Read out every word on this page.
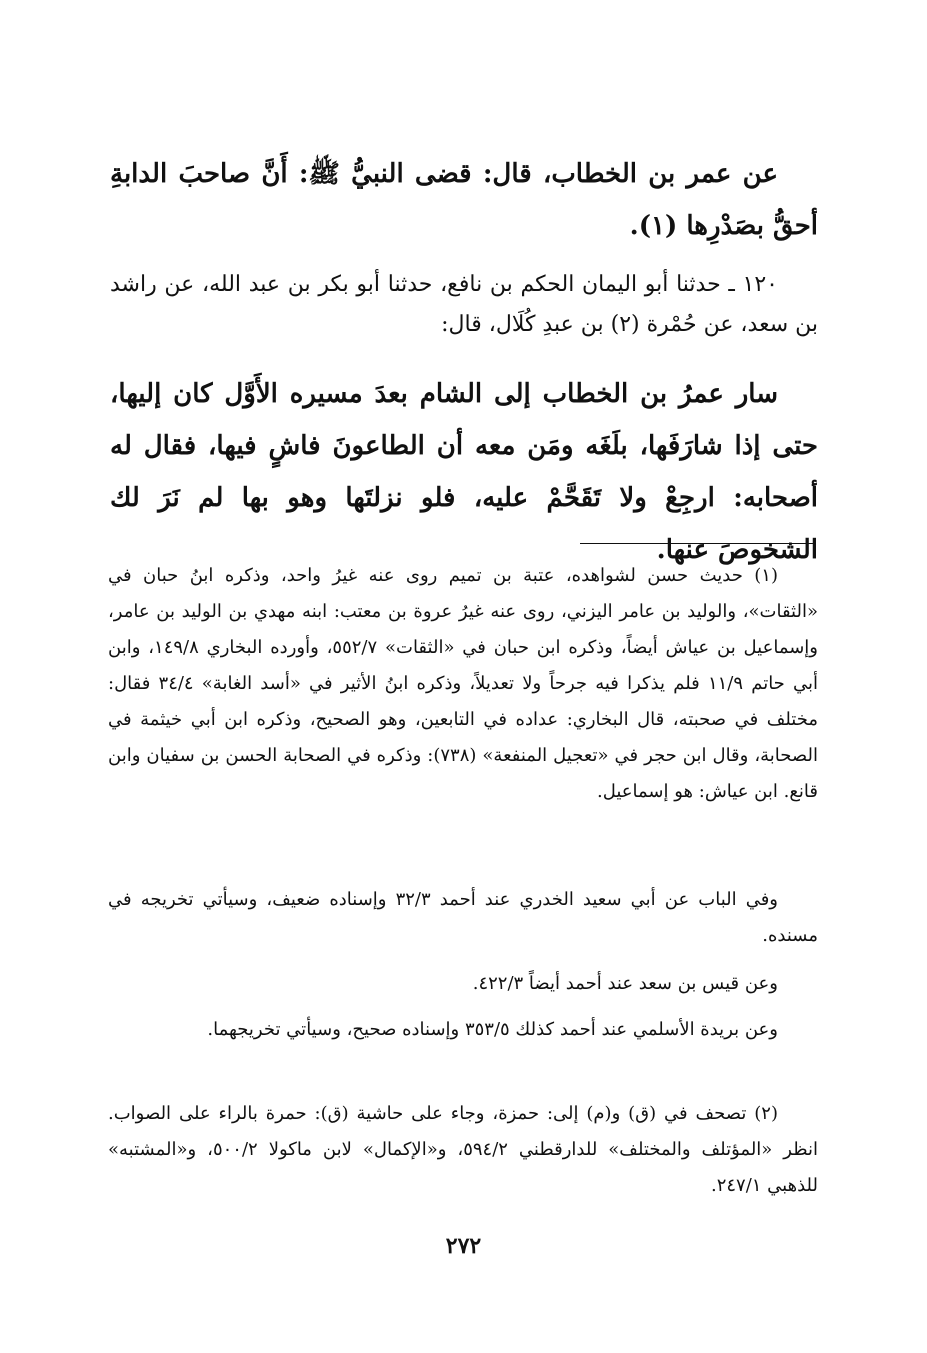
عن عمر بن الخطاب، قال: قضى النبيُّ ﷺ: أَنَّ صاحبَ الدابةِ أحقُّ بصَدْرِها (١).

١٢٠ ـ حدثنا أبو اليمان الحكم بن نافع، حدثنا أبو بكر بن عبد الله، عن راشد بن سعد، عن حُمْرة (٢) بن عبدِ كُلَال، قال:

سار عمرُ بن الخطاب إلى الشام بعدَ مسيره الأَوَّل كان إليها، حتى إذا شارَفَها، بلَغَه ومَن معه أن الطاعونَ فاشٍ فيها، فقال له أصحابه: ارجِعْ ولا تَقَحَّمْ عليه، فلو نزلتَها وهو بها لم نَرَ لك الشخوصَ عنها.

(١) حديث حسن لشواهده، عتبة بن تميم روى عنه غيرُ واحد، وذكره ابنُ حبان في «الثقات»، والوليد بن عامر اليزني، روى عنه غيرُ عروة بن معتب: ابنه مهدي بن الوليد بن عامر، وإسماعيل بن عياش أيضاً، وذكره ابن حبان في «الثقات» ٥٥٢/٧، وأورده البخاري ١٤٩/٨، وابن أبي حاتم ١١/٩ فلم يذكرا فيه جرحاً ولا تعديلاً، وذكره ابنُ الأثير في «أسد الغابة» ٣٤/٤ فقال: مختلف في صحبته، قال البخاري: عداده في التابعين، وهو الصحيح، وذكره ابن أبي خيثمة في الصحابة، وقال ابن حجر في «تعجيل المنفعة» (٧٣٨): وذكره في الصحابة الحسن بن سفيان وابن قانع. ابن عياش: هو إسماعيل.

وفي الباب عن أبي سعيد الخدري عند أحمد ٣٢/٣ وإسناده ضعيف، وسيأتي تخريجه في مسنده.

وعن قيس بن سعد عند أحمد أيضاً ٤٢٢/٣.

وعن بريدة الأسلمي عند أحمد كذلك ٣٥٣/٥ وإسناده صحيح، وسيأتي تخريجهما.

(٢) تصحف في (ق) و(م) إلى: حمزة، وجاء على حاشية (ق): حمرة بالراء على الصواب. انظر «المؤتلف والمختلف» للدارقطني ٥٩٤/٢، و«الإكمال» لابن ماكولا ٥٠٠/٢، و«المشتبه» للذهبي ٢٤٧/١.

٢٧٢
